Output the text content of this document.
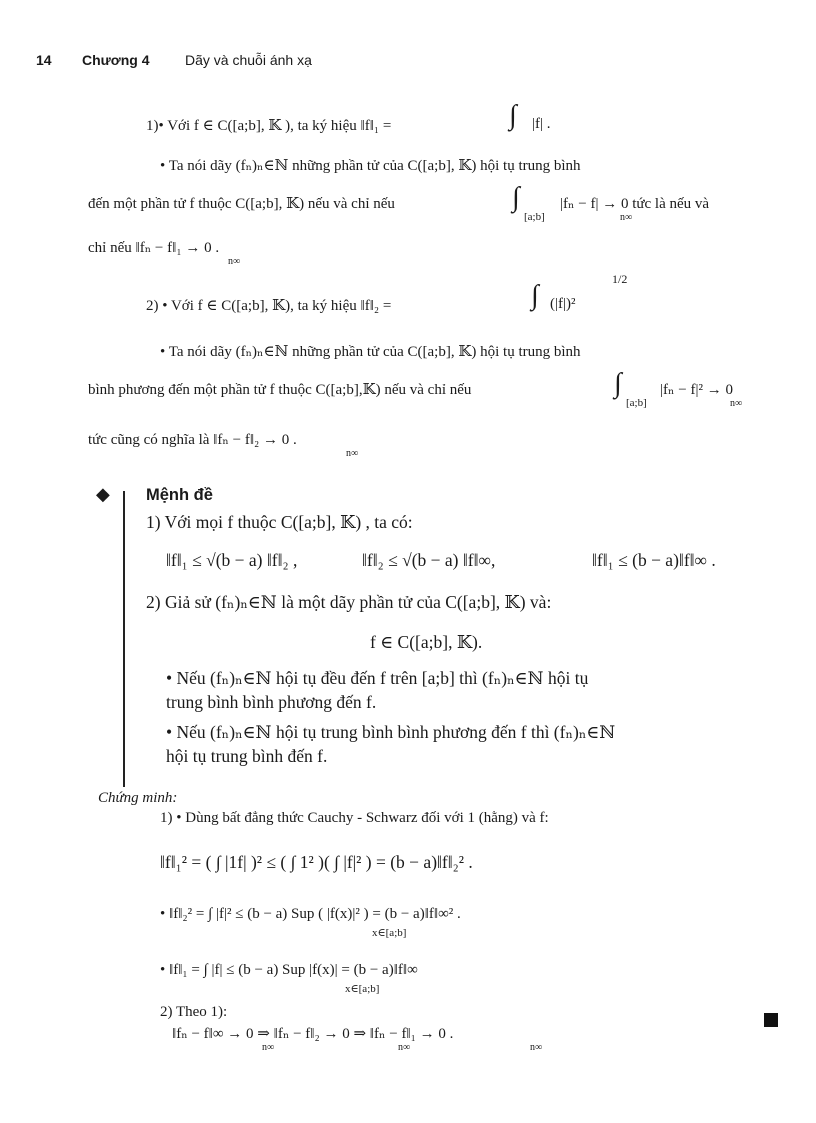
14 Chương 4	Dãy và chuỗi ánh xạ
1)• Với f ∈ C([a;b], 𝕂 ), ta ký hiệu ‖f‖₁ =	∫ |f| .
• Ta nói dãy (fₙ)ₙ∈ℕ những phần tử của C([a;b], 𝕂) hội tụ trung bình
đến một phần tử f thuộc C([a;b], 𝕂) nếu và chỉ nếu	∫
[a;b]
|fₙ − f| → 0 tức là nếu và
n∞
chỉ nếu ‖fₙ − f‖₁ → 0 .
n∞
2) • Với f ∈ C([a;b], 𝕂), ta ký hiệu ‖f‖₂ =	∫ (|f|)²
1/2
• Ta nói dãy (fₙ)ₙ∈ℕ những phần tử của C([a;b], 𝕂) hội tụ trung bình
bình phương đến một phần tử f thuộc C([a;b],𝕂) nếu và chỉ nếu	∫
[a;b]
|fₙ − f|² → 0
n∞
tức cũng có nghĩa là ‖fₙ − f‖₂ → 0 .
n∞
◆ Mệnh đề
1) Với mọi f thuộc C([a;b], 𝕂) , ta có:
‖f‖₁ ≤ √(b − a) ‖f‖₂ ,	‖f‖₂ ≤ √(b − a) ‖f‖∞,	‖f‖₁ ≤ (b − a)‖f‖∞ .
2) Giả sử (fₙ)ₙ∈ℕ là một dãy phần tử của C([a;b], 𝕂) và:
f ∈ C([a;b], 𝕂).
• Nếu (fₙ)ₙ∈ℕ hội tụ đều đến f trên [a;b] thì (fₙ)ₙ∈ℕ hội tụ
trung bình bình phương đến f.
• Nếu (fₙ)ₙ∈ℕ hội tụ trung bình bình phương đến f thì (fₙ)ₙ∈ℕ
hội tụ trung bình đến f.
Chứng minh:
1) • Dùng bất đẳng thức Cauchy - Schwarz đối với 1 (hằng) và f:
‖f‖₁² = ( ∫ |1f| )² ≤ ( ∫ 1² )( ∫ |f|² ) = (b − a)‖f‖₂² .
• ‖f‖₂² = ∫ |f|² ≤ (b − a) Sup ( |f(x)|² ) = (b − a)‖f‖∞² .
x∈[a;b]
• ‖f‖₁ = ∫ |f| ≤ (b − a) Sup |f(x)| = (b − a)‖f‖∞
x∈[a;b]
2) Theo 1):
‖fₙ − f‖∞ → 0 ⇒ ‖fₙ − f‖₂ → 0 ⇒ ‖fₙ − f‖₁ → 0 .
n∞	n∞	n∞
